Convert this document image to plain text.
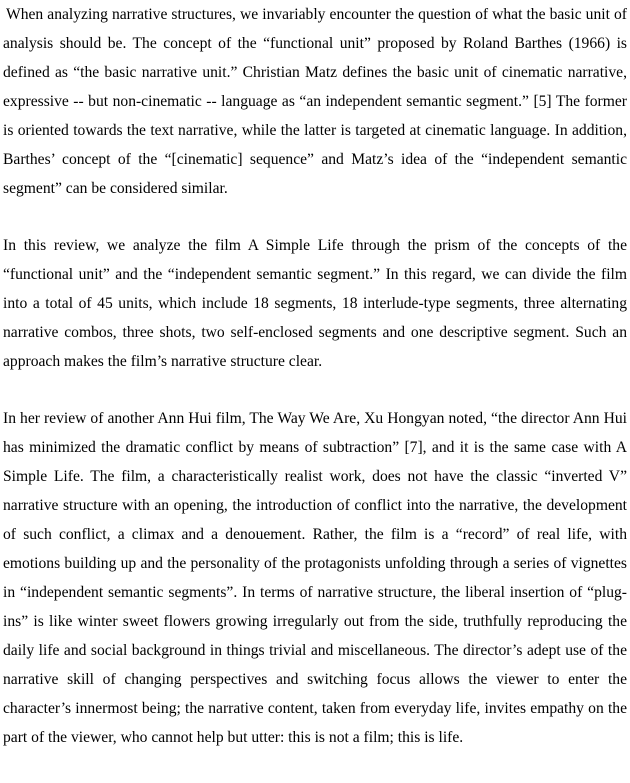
When analyzing narrative structures, we invariably encounter the question of what the basic unit of analysis should be. The concept of the “functional unit” proposed by Roland Barthes (1966) is defined as “the basic narrative unit.” Christian Matz defines the basic unit of cinematic narrative, expressive -- but non-cinematic -- language as “an independent semantic segment.” [5] The former is oriented towards the text narrative, while the latter is targeted at cinematic language. In addition, Barthes’ concept of the “[cinematic] sequence” and Matz’s idea of the “independent semantic segment” can be considered similar.

In this review, we analyze the film A Simple Life through the prism of the concepts of the “functional unit” and the “independent semantic segment.” In this regard, we can divide the film into a total of 45 units, which include 18 segments, 18 interlude-type segments, three alternating narrative combos, three shots, two self-enclosed segments and one descriptive segment. Such an approach makes the film’s narrative structure clear.

In her review of another Ann Hui film, The Way We Are, Xu Hongyan noted, “the director Ann Hui has minimized the dramatic conflict by means of subtraction” [7], and it is the same case with A Simple Life. The film, a characteristically realist work, does not have the classic “inverted V” narrative structure with an opening, the introduction of conflict into the narrative, the development of such conflict, a climax and a denouement. Rather, the film is a “record” of real life, with emotions building up and the personality of the protagonists unfolding through a series of vignettes in “independent semantic segments”. In terms of narrative structure, the liberal insertion of “plug-ins” is like winter sweet flowers growing irregularly out from the side, truthfully reproducing the daily life and social background in things trivial and miscellaneous. The director’s adept use of the narrative skill of changing perspectives and switching focus allows the viewer to enter the character’s innermost being; the narrative content, taken from everyday life, invites empathy on the part of the viewer, who cannot help but utter: this is not a film; this is life.
